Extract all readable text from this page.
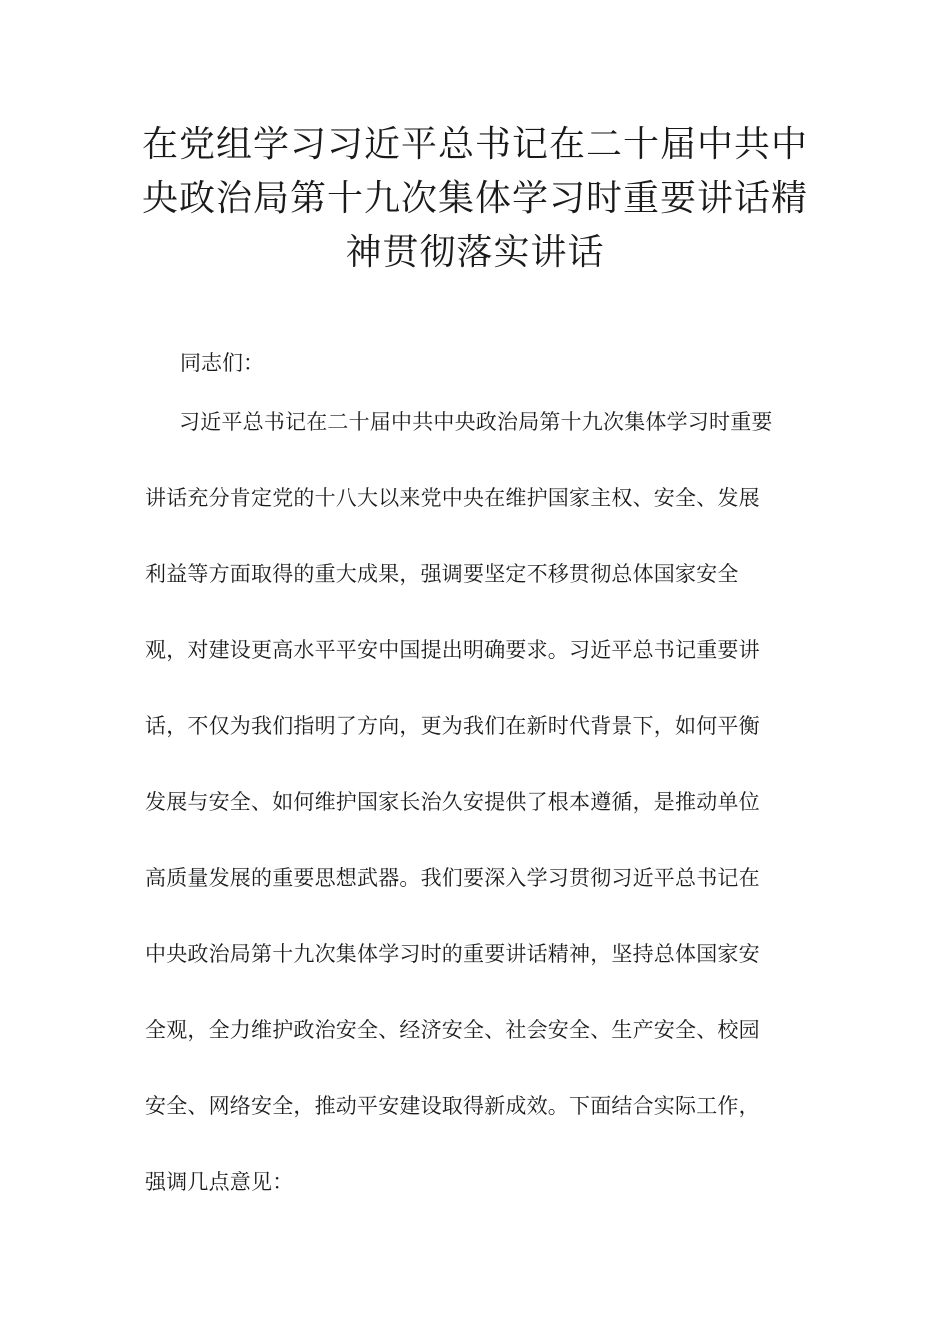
在党组学习习近平总书记在二十届中共中
央政治局第十九次集体学习时重要讲话精
神贯彻落实讲话

同志们：

习近平总书记在二十届中共中央政治局第十九次集体学习时重要
讲话充分肯定党的十八大以来党中央在维护国家主权、安全、发展
利益等方面取得的重大成果，强调要坚定不移贯彻总体国家安全
观，对建设更高水平平安中国提出明确要求。习近平总书记重要讲
话，不仅为我们指明了方向，更为我们在新时代背景下，如何平衡
发展与安全、如何维护国家长治久安提供了根本遵循，是推动单位
高质量发展的重要思想武器。我们要深入学习贯彻习近平总书记在
中央政治局第十九次集体学习时的重要讲话精神，坚持总体国家安
全观，全力维护政治安全、经济安全、社会安全、生产安全、校园
安全、网络安全，推动平安建设取得新成效。下面结合实际工作，
强调几点意见：
